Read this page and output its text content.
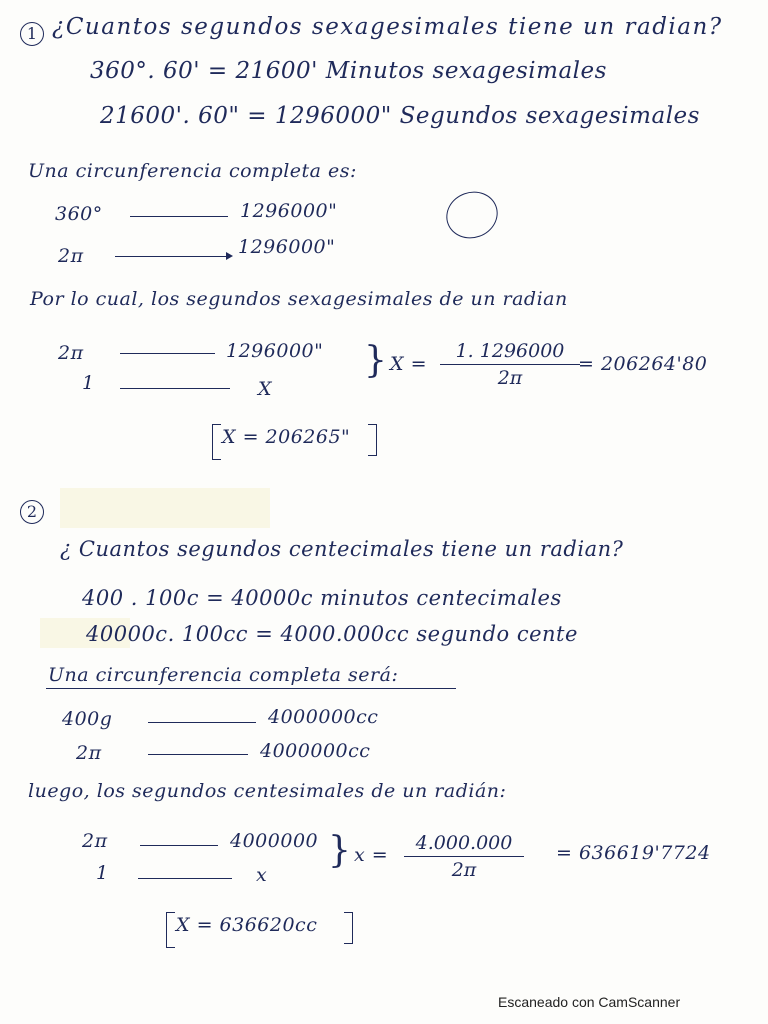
1 ¿Cuantos segundos sexagesimales tiene un radian?
360°. 60' = 21600' Minutos sexagesimales
21600'. 60" = 1296000" Segundos sexagesimales
Una circunferencia completa es:
360°	1296000"
2π	1296000"
Por lo cual, los segundos sexagesimales de un radian
2π	1296000"
1	X
} X =
1. 1296000
2π
= 206264'80
X = 206265"
2
¿ Cuantos segundos centecimales tiene un radian?
400 . 100c = 40000c minutos centecimales
40000c. 100cc = 4000.000cc segundo cente
Una circunferencia completa será:
400g	4000000cc
2π	4000000cc
luego, los segundos centesimales de un radián:
2π	4000000
1	x
} x =
4.000.000
2π
= 636619'7724
X = 636620cc
Escaneado con CamScanner
